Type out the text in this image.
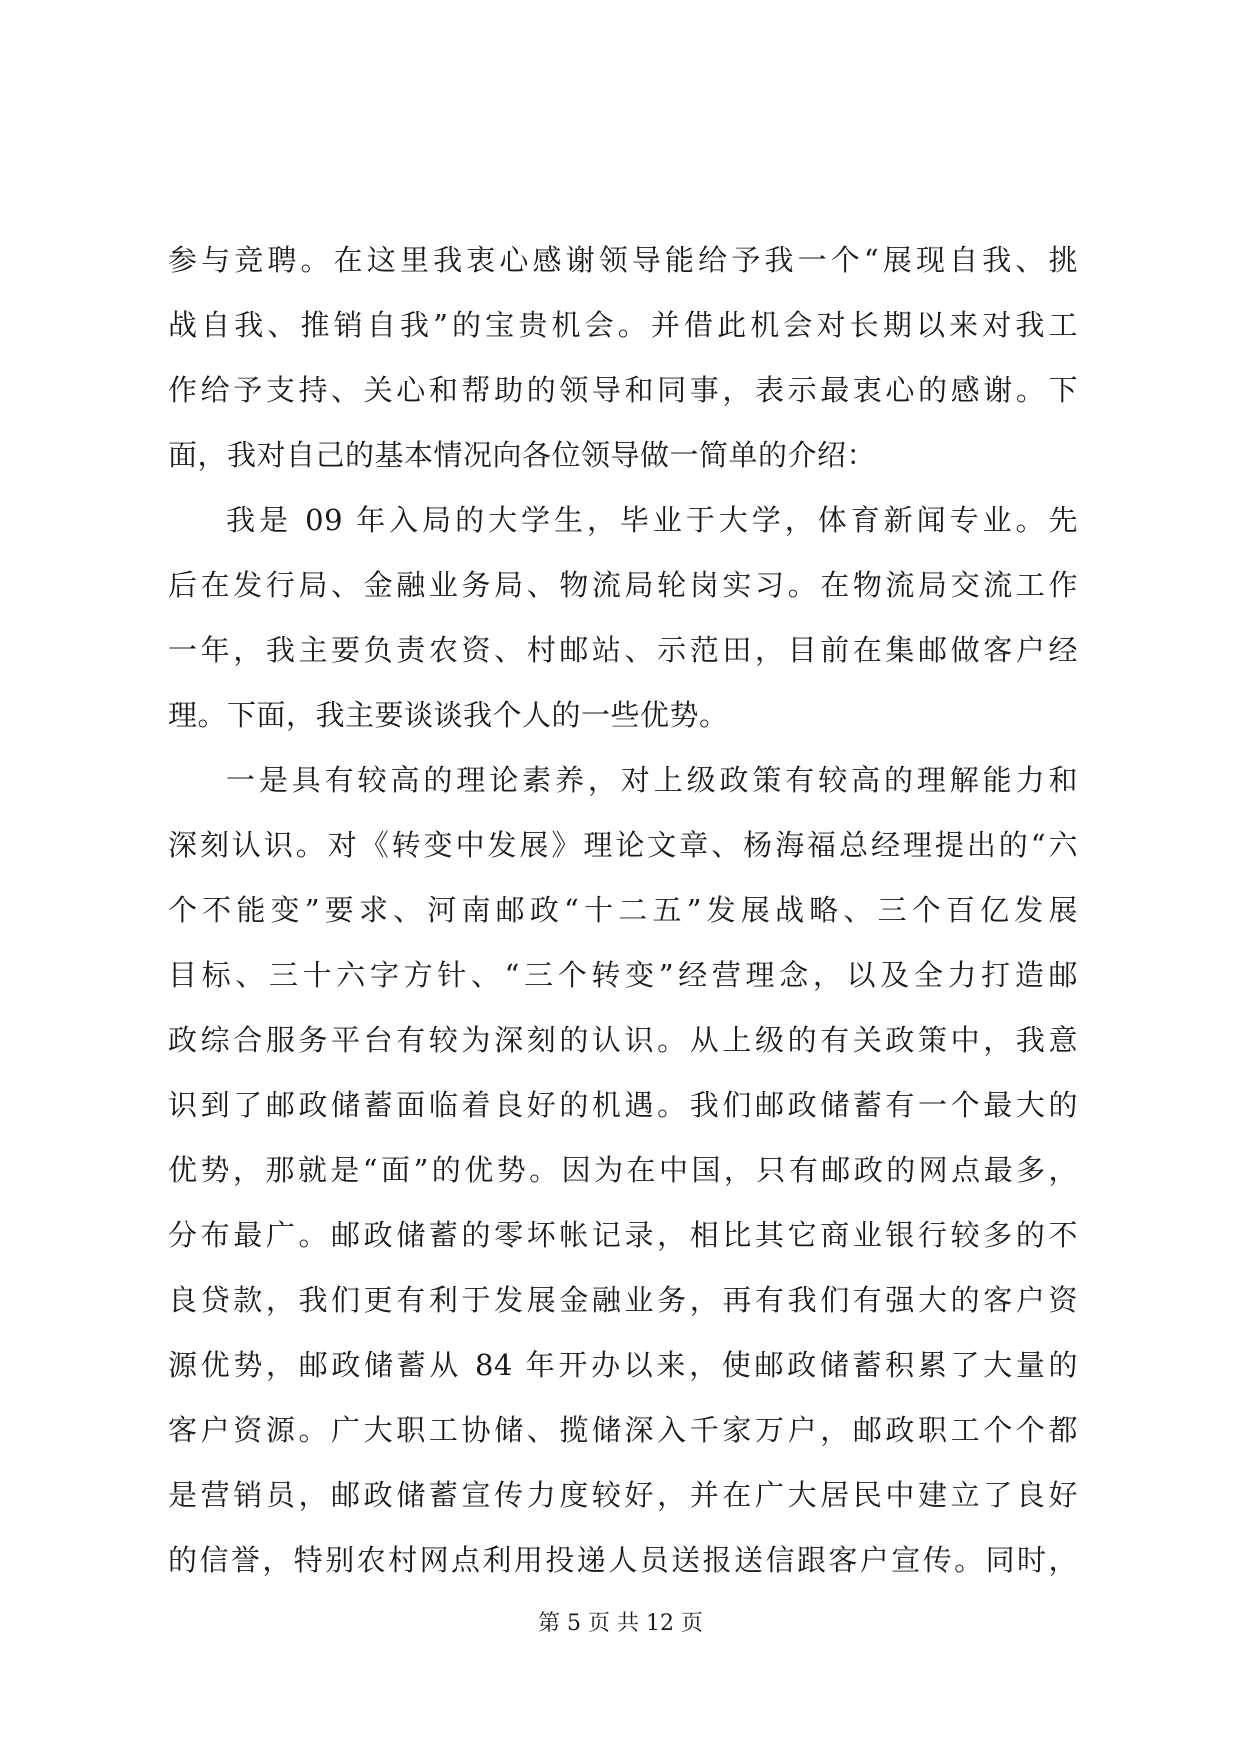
参与竞聘。在这里我衷心感谢领导能给予我一个“展现自我、挑
战自我、推销自我”的宝贵机会。并借此机会对长期以来对我工
作给予支持、关心和帮助的领导和同事，表示最衷心的感谢。下
面，我对自己的基本情况向各位领导做一简单的介绍：
我是 09 年入局的大学生，毕业于大学，体育新闻专业。先
后在发行局、金融业务局、物流局轮岗实习。在物流局交流工作
一年，我主要负责农资、村邮站、示范田，目前在集邮做客户经
理。下面，我主要谈谈我个人的一些优势。
一是具有较高的理论素养，对上级政策有较高的理解能力和
深刻认识。对《转变中发展》理论文章、杨海福总经理提出的“六
个不能变”要求、河南邮政“十二五”发展战略、三个百亿发展
目标、三十六字方针、“三个转变”经营理念，以及全力打造邮
政综合服务平台有较为深刻的认识。从上级的有关政策中，我意
识到了邮政储蓄面临着良好的机遇。我们邮政储蓄有一个最大的
优势，那就是“面”的优势。因为在中国，只有邮政的网点最多，
分布最广。邮政储蓄的零坏帐记录，相比其它商业银行较多的不
良贷款，我们更有利于发展金融业务，再有我们有强大的客户资
源优势，邮政储蓄从 84 年开办以来，使邮政储蓄积累了大量的
客户资源。广大职工协储、揽储深入千家万户，邮政职工个个都
是营销员，邮政储蓄宣传力度较好，并在广大居民中建立了良好
的信誉，特别农村网点利用投递人员送报送信跟客户宣传。同时，
第 5 页 共 12 页
